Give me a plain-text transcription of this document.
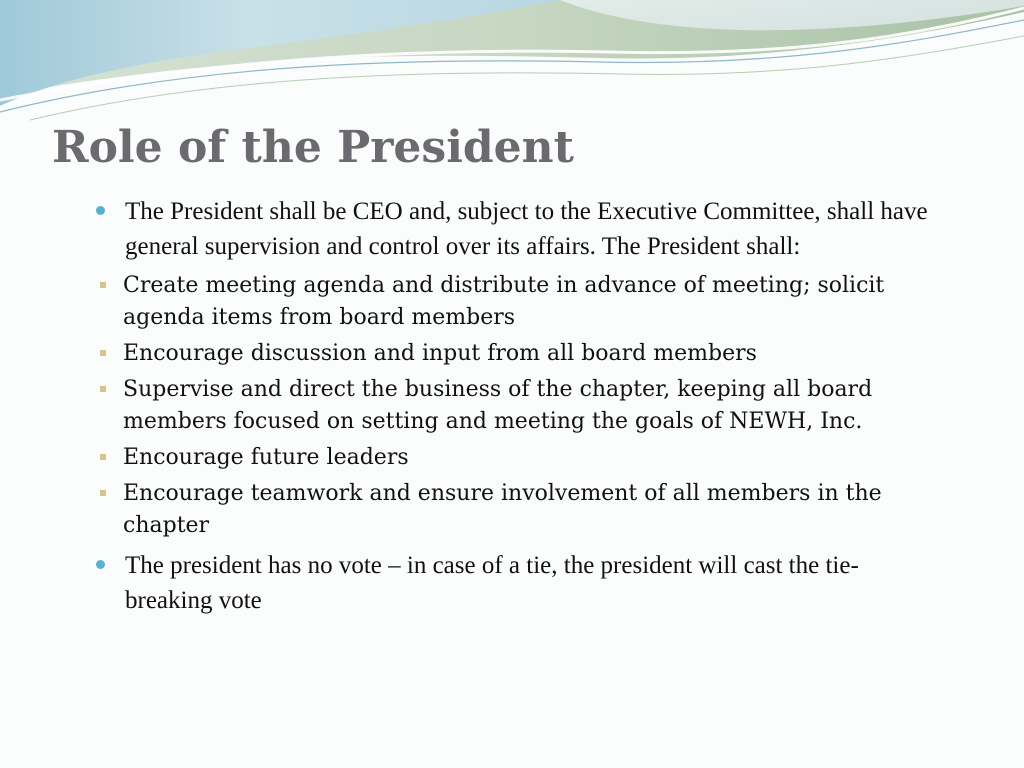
Role of the President
The President shall be CEO and, subject to the Executive Committee, shall have general supervision and control over its affairs. The President shall:
Create meeting agenda and distribute in advance of meeting; solicit agenda items from board members
Encourage discussion and input from all board members
Supervise and direct the business of the chapter, keeping all board members focused on setting and meeting the goals of NEWH, Inc.
Encourage future leaders
Encourage teamwork and ensure involvement of all members in the chapter
The president has no vote – in case of a tie, the president will cast the tie-breaking vote
